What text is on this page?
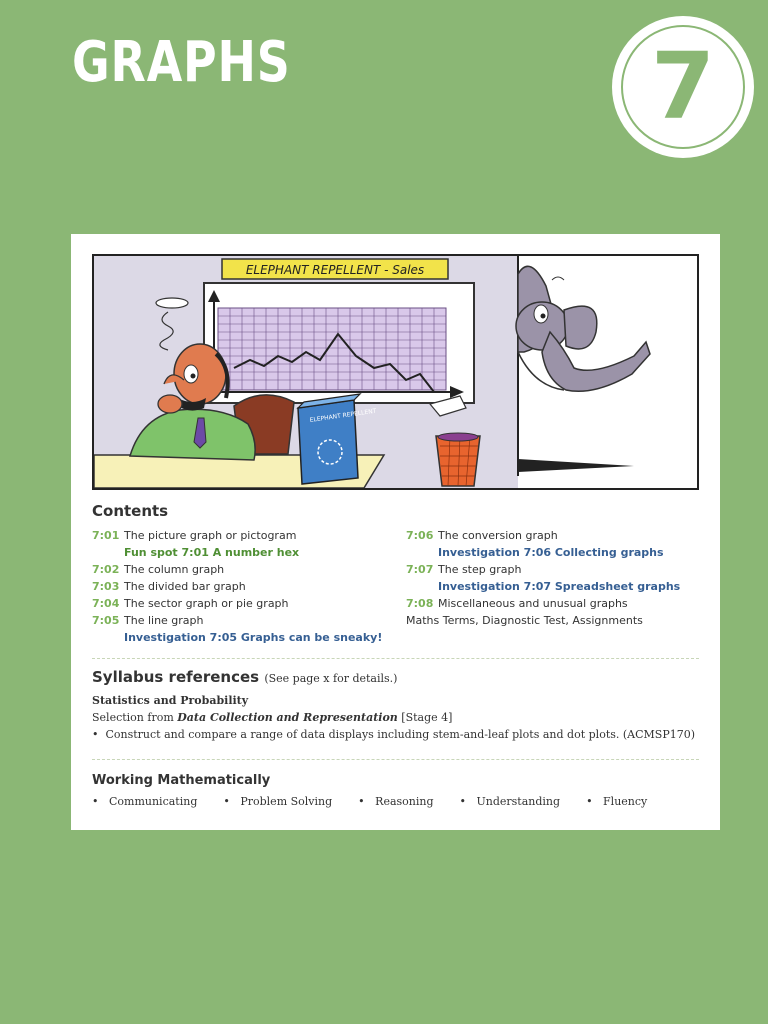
GRAPHS	7
ELEPHANT REPELLENT - Sales
ELEPHANT REPELLENT
Contents
7:01 The picture graph or pictogram
Fun spot 7:01 A number hex
7:02 The column graph
7:03 The divided bar graph
7:04 The sector graph or pie graph
7:05 The line graph
Investigation 7:05 Graphs can be sneaky!
7:06 The conversion graph
Investigation 7:06 Collecting graphs
7:07 The step graph
Investigation 7:07 Spreadsheet graphs
7:08 Miscellaneous and unusual graphs
Maths Terms, Diagnostic Test, Assignments
Syllabus references (See page x for details.)
Statistics and Probability
Selection from Data Collection and Representation [Stage 4]
•  Construct and compare a range of data displays including stem-and-leaf plots and dot plots. (ACMSP170)
Working Mathematically
•   Communicating •   Problem Solving •   Reasoning •   Understanding •   Fluency
